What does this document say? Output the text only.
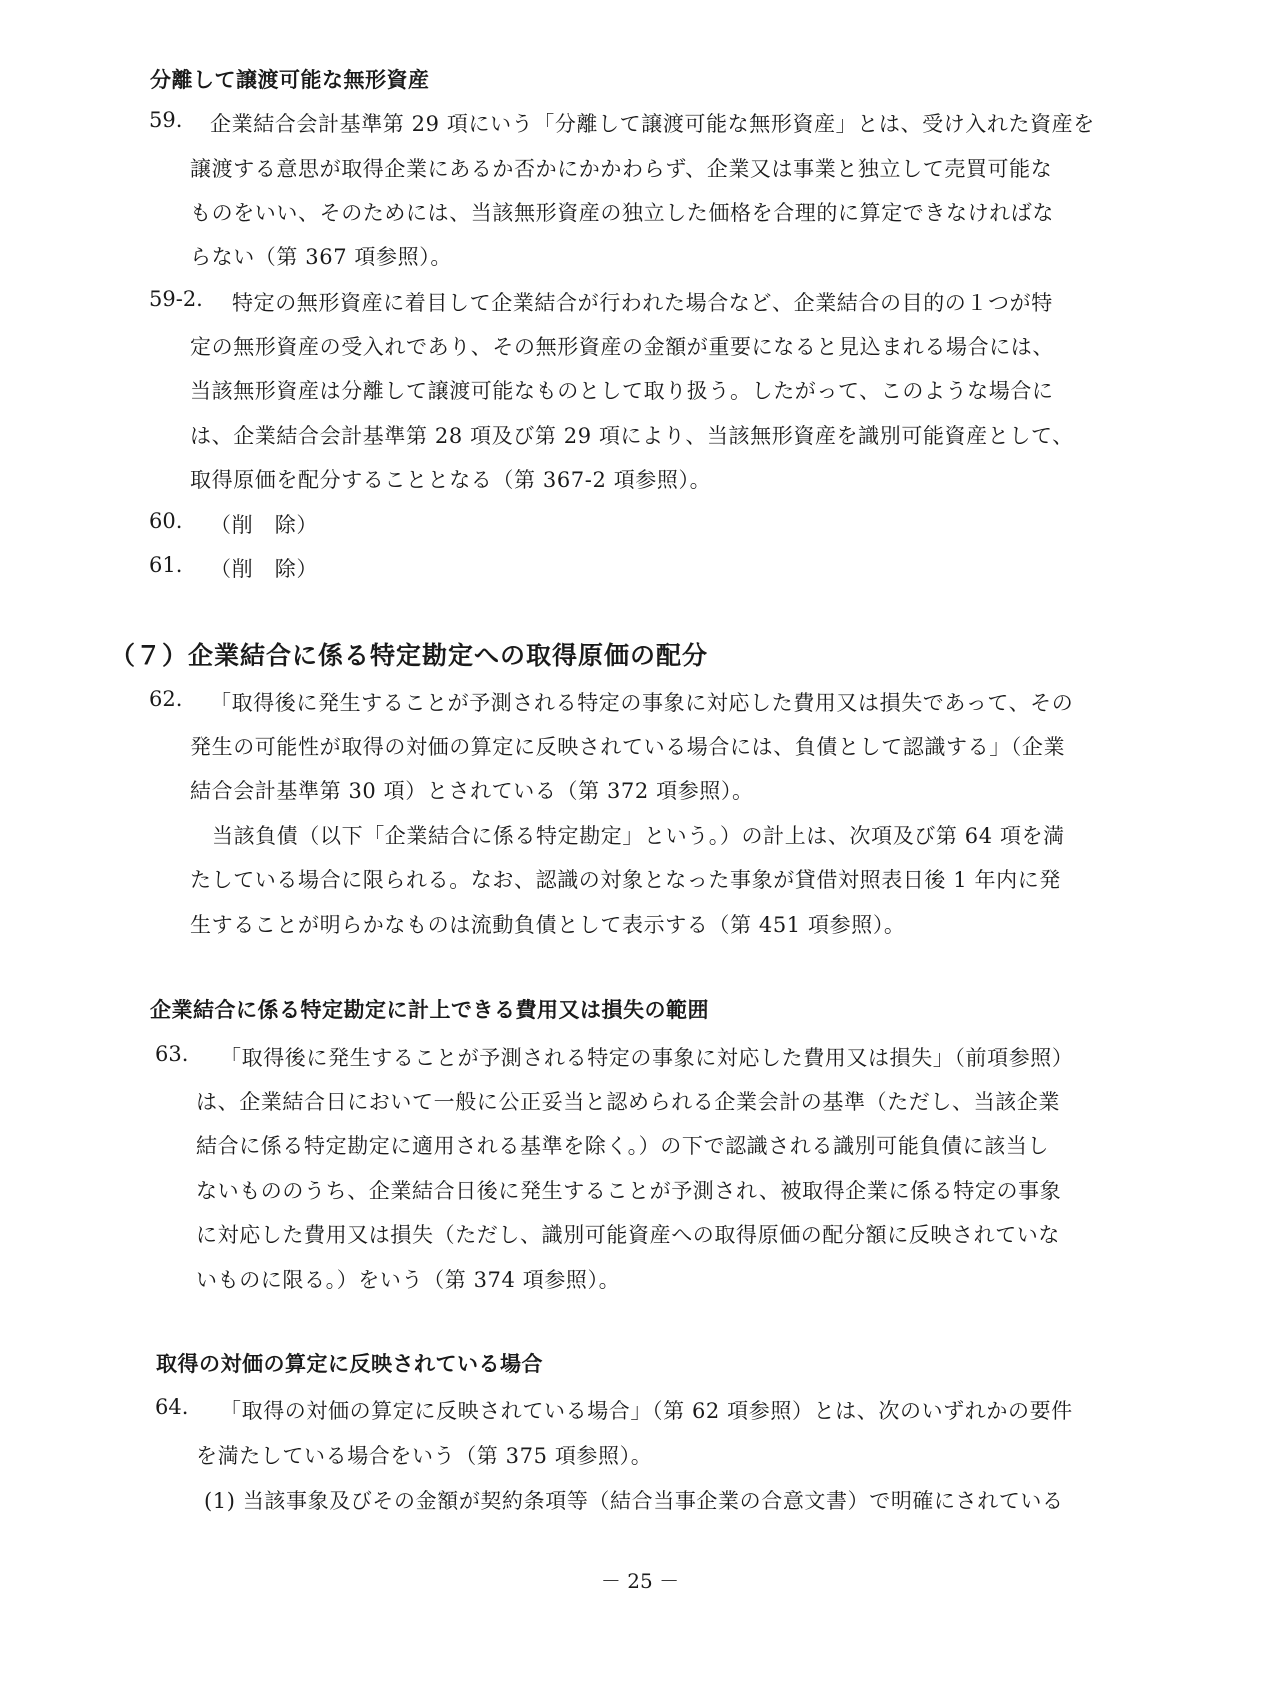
分離して譲渡可能な無形資産
59. 企業結合会計基準第 29 項にいう「分離して譲渡可能な無形資産」とは、受け入れた資産を
譲渡する意思が取得企業にあるか否かにかかわらず、企業又は事業と独立して売買可能な
ものをいい、そのためには、当該無形資産の独立した価格を合理的に算定できなければな
らない（第 367 項参照）。
59-2. 特定の無形資産に着目して企業結合が行われた場合など、企業結合の目的の１つが特
定の無形資産の受入れであり、その無形資産の金額が重要になると見込まれる場合には、
当該無形資産は分離して譲渡可能なものとして取り扱う。したがって、このような場合に
は、企業結合会計基準第 28 項及び第 29 項により、当該無形資産を識別可能資産として、
取得原価を配分することとなる（第 367-2 項参照）。
60. （削　除）
61. （削　除）
（７）企業結合に係る特定勘定への取得原価の配分
62. 「取得後に発生することが予測される特定の事象に対応した費用又は損失であって、その
発生の可能性が取得の対価の算定に反映されている場合には、負債として認識する」（企業
結合会計基準第 30 項）とされている（第 372 項参照）。
当該負債（以下「企業結合に係る特定勘定」という。）の計上は、次項及び第 64 項を満
たしている場合に限られる。なお、認識の対象となった事象が貸借対照表日後 1 年内に発
生することが明らかなものは流動負債として表示する（第 451 項参照）。
企業結合に係る特定勘定に計上できる費用又は損失の範囲
63. 「取得後に発生することが予測される特定の事象に対応した費用又は損失」（前項参照）
は、企業結合日において一般に公正妥当と認められる企業会計の基準（ただし、当該企業
結合に係る特定勘定に適用される基準を除く。）の下で認識される識別可能負債に該当し
ないもののうち、企業結合日後に発生することが予測され、被取得企業に係る特定の事象
に対応した費用又は損失（ただし、識別可能資産への取得原価の配分額に反映されていな
いものに限る。）をいう（第 374 項参照）。
取得の対価の算定に反映されている場合
64. 「取得の対価の算定に反映されている場合」（第 62 項参照）とは、次のいずれかの要件
を満たしている場合をいう（第 375 項参照）。
(1) 当該事象及びその金額が契約条項等（結合当事企業の合意文書）で明確にされている
－ 25 －
